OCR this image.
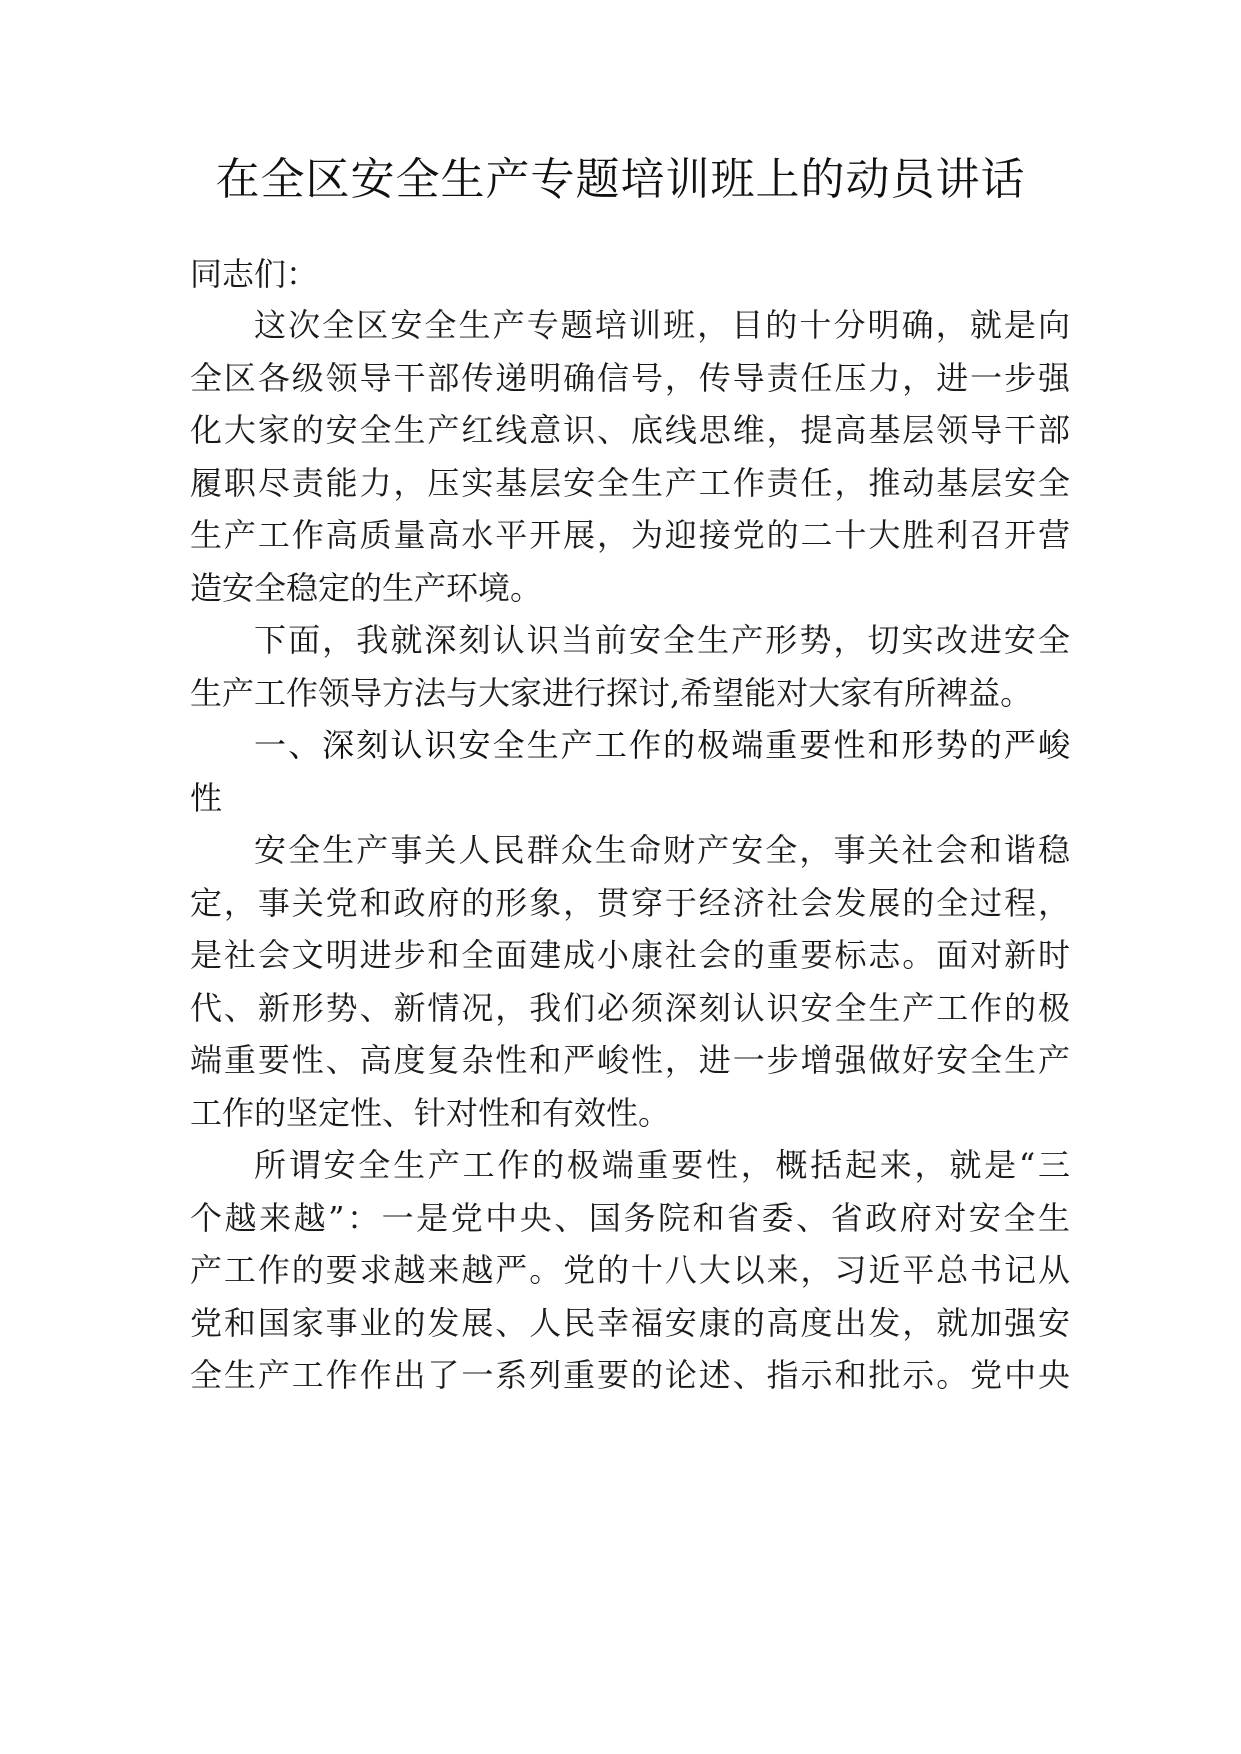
在全区安全生产专题培训班上的动员讲话
同志们：
这次全区安全生产专题培训班，目的十分明确，就是向
全区各级领导干部传递明确信号，传导责任压力，进一步强
化大家的安全生产红线意识、底线思维，提高基层领导干部
履职尽责能力，压实基层安全生产工作责任，推动基层安全
生产工作高质量高水平开展，为迎接党的二十大胜利召开营
造安全稳定的生产环境。
下面，我就深刻认识当前安全生产形势，切实改进安全
生产工作领导方法与大家进行探讨,希望能对大家有所裨益。
一、深刻认识安全生产工作的极端重要性和形势的严峻
性
安全生产事关人民群众生命财产安全，事关社会和谐稳
定，事关党和政府的形象，贯穿于经济社会发展的全过程，
是社会文明进步和全面建成小康社会的重要标志。面对新时
代、新形势、新情况，我们必须深刻认识安全生产工作的极
端重要性、高度复杂性和严峻性，进一步增强做好安全生产
工作的坚定性、针对性和有效性。
所谓安全生产工作的极端重要性，概括起来，就是“三
个越来越”：一是党中央、国务院和省委、省政府对安全生
产工作的要求越来越严。党的十八大以来，习近平总书记从
党和国家事业的发展、人民幸福安康的高度出发，就加强安
全生产工作作出了一系列重要的论述、指示和批示。党中央
